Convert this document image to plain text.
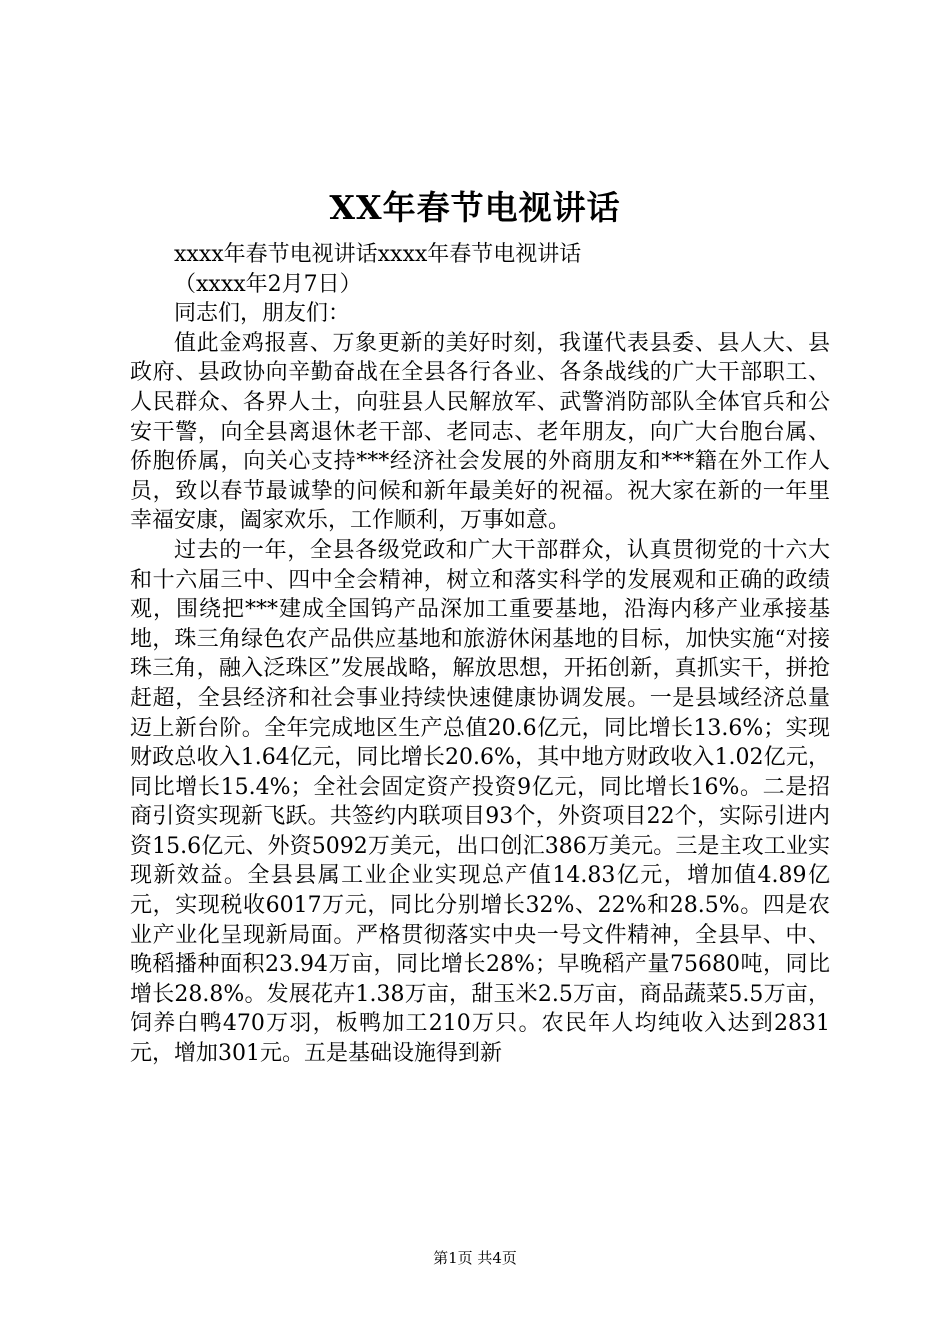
XX年春节电视讲话

xxxx年春节电视讲话xxxx年春节电视讲话

（xxxx年2月7日）

同志们，朋友们：

值此金鸡报喜、万象更新的美好时刻，我谨代表县委、县人大、县政府、县政协向辛勤奋战在全县各行各业、各条战线的广大干部职工、人民群众、各界人士，向驻县人民解放军、武警消防部队全体官兵和公安干警，向全县离退休老干部、老同志、老年朋友，向广大台胞台属、侨胞侨属，向关心支持***经济社会发展的外商朋友和***籍在外工作人员，致以春节最诚挚的问候和新年最美好的祝福。祝大家在新的一年里幸福安康，阖家欢乐，工作顺利，万事如意。

过去的一年，全县各级党政和广大干部群众，认真贯彻党的十六大和十六届三中、四中全会精神，树立和落实科学的发展观和正确的政绩观，围绕把***建成全国钨产品深加工重要基地，沿海内移产业承接基地，珠三角绿色农产品供应基地和旅游休闲基地的目标，加快实施“对接珠三角，融入泛珠区”发展战略，解放思想，开拓创新，真抓实干，拼抢赶超，全县经济和社会事业持续快速健康协调发展。一是县域经济总量迈上新台阶。全年完成地区生产总值20.6亿元，同比增长13.6%；实现财政总收入1.64亿元，同比增长20.6%，其中地方财政收入1.02亿元，同比增长15.4%；全社会固定资产投资9亿元，同比增长16%。二是招商引资实现新飞跃。共签约内联项目93个，外资项目22个，实际引进内资15.6亿元、外资5092万美元，出口创汇386万美元。三是主攻工业实现新效益。全县县属工业企业实现总产值14.83亿元，增加值4.89亿元，实现税收6017万元，同比分别增长32%、22%和28.5%。四是农业产业化呈现新局面。严格贯彻落实中央一号文件精神，全县早、中、晚稻播种面积23.94万亩，同比增长28%；早晚稻产量75680吨，同比增长28.8%。发展花卉1.38万亩，甜玉米2.5万亩，商品蔬菜5.5万亩，饲养白鸭470万羽，板鸭加工210万只。农民年人均纯收入达到2831元，增加301元。五是基础设施得到新

第1页 共4页
